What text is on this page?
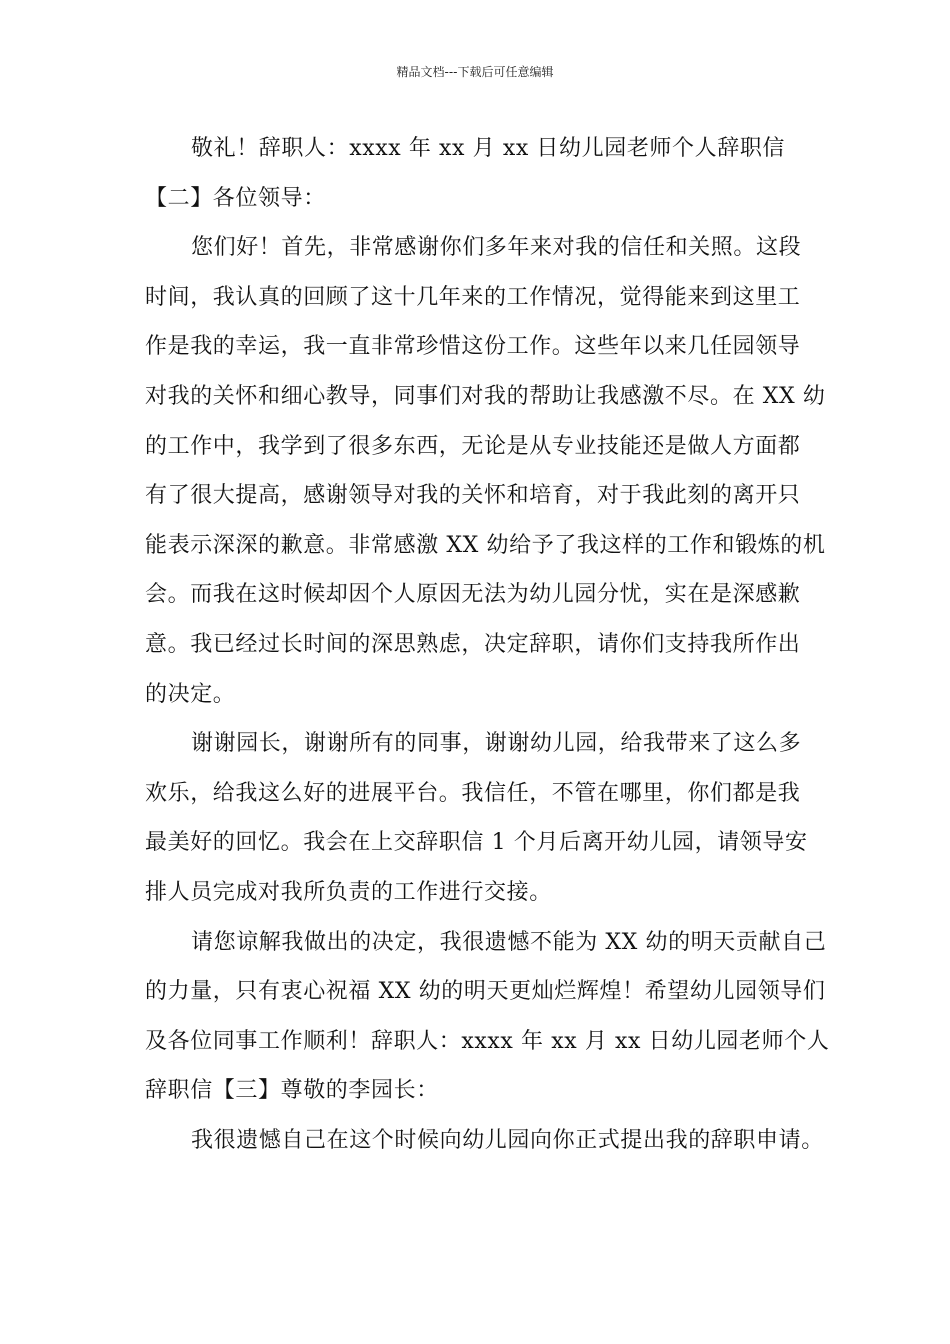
精品文档---下载后可任意编辑
敬礼！辞职人：xxxx 年 xx 月 xx 日幼儿园老师个人辞职信
【二】各位领导：
您们好！首先，非常感谢你们多年来对我的信任和关照。这段
时间，我认真的回顾了这十几年来的工作情况，觉得能来到这里工
作是我的幸运，我一直非常珍惜这份工作。这些年以来几任园领导
对我的关怀和细心教导，同事们对我的帮助让我感激不尽。在 XX 幼
的工作中，我学到了很多东西，无论是从专业技能还是做人方面都
有了很大提高，感谢领导对我的关怀和培育，对于我此刻的离开只
能表示深深的歉意。非常感激 XX 幼给予了我这样的工作和锻炼的机
会。而我在这时候却因个人原因无法为幼儿园分忧，实在是深感歉
意。我已经过长时间的深思熟虑，决定辞职，请你们支持我所作出
的决定。
谢谢园长，谢谢所有的同事，谢谢幼儿园，给我带来了这么多
欢乐，给我这么好的进展平台。我信任，不管在哪里，你们都是我
最美好的回忆。我会在上交辞职信 1 个月后离开幼儿园，请领导安
排人员完成对我所负责的工作进行交接。
请您谅解我做出的决定，我很遗憾不能为 XX 幼的明天贡献自己
的力量，只有衷心祝福 XX 幼的明天更灿烂辉煌！希望幼儿园领导们
及各位同事工作顺利！辞职人：xxxx 年 xx 月 xx 日幼儿园老师个人
辞职信【三】尊敬的李园长：
我很遗憾自己在这个时候向幼儿园向你正式提出我的辞职申请。
